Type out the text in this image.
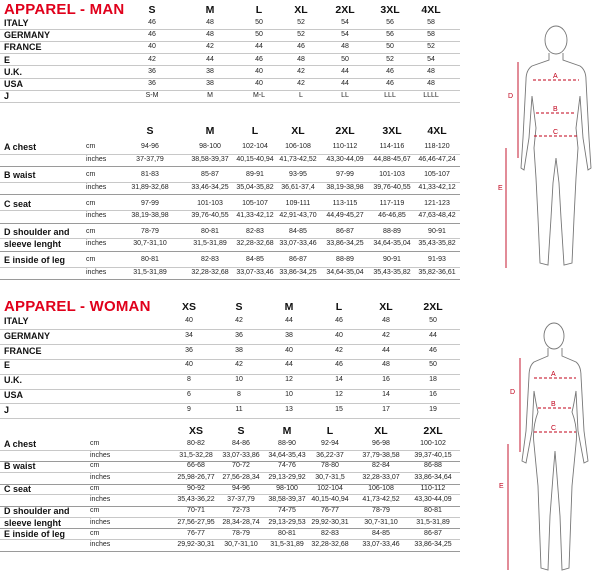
APPAREL - MAN S	M	L	XL	2XL 3XL 4XL
ITALY	46	48	50	52	54	56	58
GERMANY	46	48	50	52	54	56	58
FRANCE	40	42	44	46	48	50	52
E	42	44	46	48	50	52	54
U.K.	36	38	40	42	44	46	48
USA	36	38	40	42	44	46	48
J	S-M	M	M-L	L	LL	LLL	LLLL
S	M	L	XL	2XL	3XL 4XL
A chest	cm	94-96	98-100	102-104 106-108	110-112	114-116	118-120
inches	37-37,79	38,58-39,37 40,15-40,94 41,73-42,52 43,30-44,09 44,88-45,67 46,46-47,24
B waist	cm	81-83	85-87	89-91	93-95	97-99	101-103	105-107
inches	31,89-32,68	33,46-34,25 35,04-35,82 36,61-37,4 38,19-38,98 39,76-40,55 41,33-42,12
C seat	cm	97-99	101-103	105-107	109-111	113-115	117-119	121-123
inches	38,19-38,98	39,76-40,55 41,33-42,12 42,91-43,70 44,49-45,27 46-46,85 47,63-48,42
D shoulder and
sleeve lenght
cm	78-79	80-81	82-83	84-85	86-87	88-89	90-91
inches	30,7-31,10	31,5-31,89 32,28-32,68 33,07-33,46 33,86-34,25 34,64-35,04 35,43-35,82
E inside of leg	cm	80-81	82-83	84-85	86-87	88-89	90-91	91-93
inches	31,5-31,89	32,28-32,68 33,07-33,46 33,86-34,25 34,64-35,04 35,43-35,82 35,82-36,61
APPAREL - WOMAN	XS	S	M	L	XL	2XL
ITALY	40	42	44	46	48	50
GERMANY	34	36	38	40	42	44
FRANCE	36	38	40	42	44	46
E	40	42	44	46	48	50
U.K.	8	10	12	14	16	18
USA	6	8	10	12	14	16
J	9	11	13	15	17	19
XS	S	M	L	XL	2XL
A chest	cm	80-82	84-86	88-90	92-94	96-98	100-102
inches	31,5-32,28 33,07-33,86 34,64-35,43 36,22-37	37,79-38,58 39,37-40,15
B waist	cm	66-68	70-72	74-76	78-80	82-84	86-88
inches	25,98-26,77 27,56-28,34 29,13-29,92 30,7-31,5	32,28-33,07 33,86-34,64
C seat	cm	90-92	94-96	98-100	102-104	106-108	110-112
inches	35,43-36,22 37-37,79 38,58-39,37 40,15-40,94 41,73-42,52 43,30-44,09
D shoulder and
sleeve lenght
cm	70-71	72-73	74-75	76-77	78-79	80-81
inches	27,56-27,95 28,34-28,74 29,13-29,53 29,92-30,31 30,7-31,10	31,5-31,89
E inside of leg	cm	76-77	78-79	80-81	82-83	84-85	86-87
inches	29,92-30,31 30,7-31,10 31,5-31,89 32,28-32,68 33,07-33,46 33,86-34,25
A
B
C
D
E
A
B
C
D
E
